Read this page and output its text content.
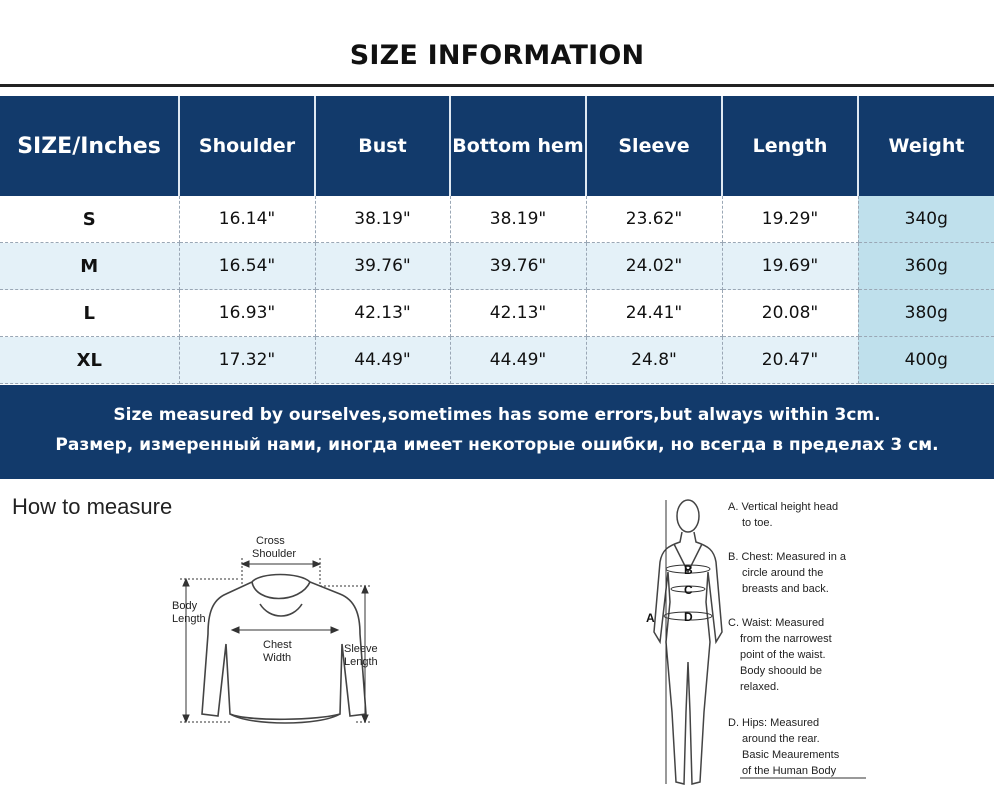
SIZE INFORMATION
SIZE/Inches	Shoulder	Bust	Bottom hem	Sleeve	Length	Weight
S	16.14"	38.19"	38.19"	23.62"	19.29"	340g
M	16.54"	39.76"	39.76"	24.02"	19.69"	360g
L	16.93"	42.13"	42.13"	24.41"	20.08"	380g
XL	17.32"	44.49"	44.49"	24.8"	20.47"	400g
Size measured by ourselves,sometimes has some errors,but always within 3cm.
Размер, измеренный нами, иногда имеет некоторые ошибки, но всегда в пределах 3 см.
How to measure
Cross
Shoulder
Body
Length
Chest
Width
Sleeve
Length
A
B
C
D
A. Vertical height head
to toe.
B. Chest: Measured in a
circle around the
breasts and back.
C. Waist: Measured
from the narrowest
point of the waist.
Body shoould be
relaxed.
D. Hips: Measured
around the rear.
Basic Meaurements
of the Human Body
